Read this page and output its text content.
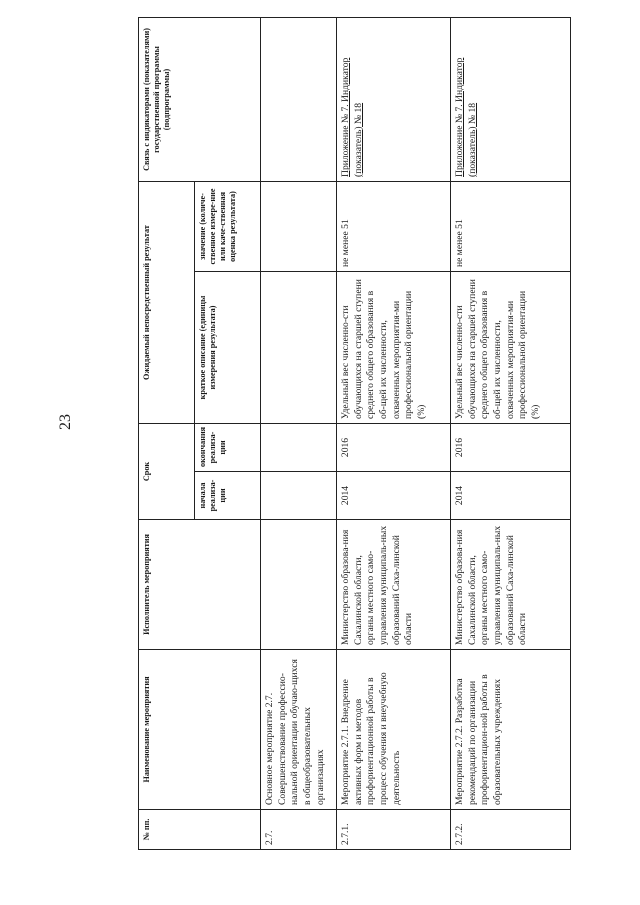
23
№ пп.	Наименование мероприятия	Исполнитель мероприятия	Срок		Ожидаемый непосредственный результат		Связь с индикаторами (показателями) государственной программы (подпрограммы)
			начала реализа-ции	окончания реализа-ции	краткое описание (единицы измерения результата)	значение (количе-ственное измере-ние или каче-ственная оценка результата)	
2.7.	Основное мероприятие 2.7. Совершенствование профессио-нальной ориентации обучаю-щихся в общеобразовательных организациях						
2.7.1.	Мероприятие 2.7.1. Внедрение активных форм и методов профориентационной работы в процесс обучения и внеучебную деятельность	Министерство образова-ния Сахалинской области, органы местного само-управления муниципаль-ных образований Саха-линской области	2014	2016	Удельный вес численно-сти обучающихся на старшей ступени среднего общего образования в об-щей их численности, охваченных мероприятия-ми профессиональной ориентации (%)	не менее 51	Приложение № 7. Индикатор (показатель) № 18
2.7.2.	Мероприятие 2.7.2. Разработка рекомендаций по организации профориентацион-ной работы в образовательных учреждениях	Министерство образова-ния Сахалинской области, органы местного само-управления муниципаль-ных образований Саха-линской области	2014	2016	Удельный вес численно-сти обучающихся на старшей ступени среднего общего образования в об-щей их численности, охваченных мероприятия-ми профессиональной ориентации (%)	не менее 51	Приложение № 7. Индикатор (показатель) № 18
